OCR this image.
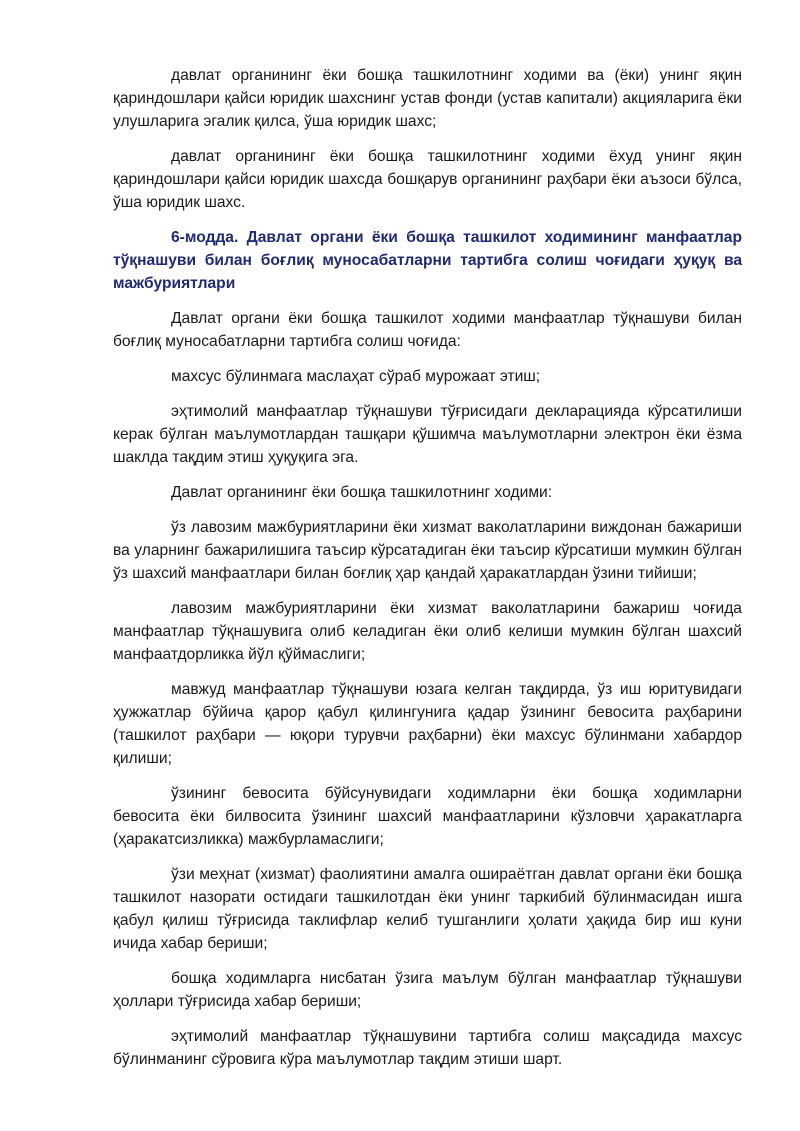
давлат органининг ёки бошқа ташкилотнинг ходими ва (ёки) унинг яқин қариндошлари қайси юридик шахснинг устав фонди (устав капитали) акцияларига ёки улушларига эгалик қилса, ўша юридик шахс;

давлат органининг ёки бошқа ташкилотнинг ходими ёхуд унинг яқин қариндошлари қайси юридик шахсда бошқарув органининг раҳбари ёки аъзоси бўлса, ўша юридик шахс.

6-модда. Давлат органи ёки бошқа ташкилот ходимининг манфаатлар тўқнашуви билан боғлиқ муносабатларни тартибга солиш чоғидаги ҳуқуқ ва мажбуриятлари

Давлат органи ёки бошқа ташкилот ходими манфаатлар тўқнашуви билан боғлиқ муносабатларни тартибга солиш чоғида:

махсус бўлинмага маслаҳат сўраб мурожаат этиш;

эҳтимолий манфаатлар тўқнашуви тўғрисидаги декларацияда кўрсатилиши керак бўлган маълумотлардан ташқари қўшимча маълумотларни электрон ёки ёзма шаклда тақдим этиш ҳуқуқига эга.

Давлат органининг ёки бошқа ташкилотнинг ходими:

ўз лавозим мажбуриятларини ёки хизмат ваколатларини виждонан бажариши ва уларнинг бажарилишига таъсир кўрсатадиган ёки таъсир кўрсатиши мумкин бўлган ўз шахсий манфаатлари билан боғлиқ ҳар қандай ҳаракатлардан ўзини тийиши;

лавозим мажбуриятларини ёки хизмат ваколатларини бажариш чоғида манфаатлар тўқнашувига олиб келадиган ёки олиб келиши мумкин бўлган шахсий манфаатдорликка йўл қўймаслиги;

мавжуд манфаатлар тўқнашуви юзага келган тақдирда, ўз иш юритувидаги ҳужжатлар бўйича қарор қабул қилингунига қадар ўзининг бевосита раҳбарини (ташкилот раҳбари — юқори турувчи раҳбарни) ёки махсус бўлинмани хабардор қилиши;

ўзининг бевосита бўйсунувидаги ходимларни ёки бошқа ходимларни бевосита ёки билвосита ўзининг шахсий манфаатларини кўзловчи ҳаракатларга (ҳаракатсизликка) мажбурламаслиги;

ўзи меҳнат (хизмат) фаолиятини амалга ошираётган давлат органи ёки бошқа ташкилот назорати остидаги ташкилотдан ёки унинг таркибий бўлинмасидан ишга қабул қилиш тўғрисида таклифлар келиб тушганлиги ҳолати ҳақида бир иш куни ичида хабар бериши;

бошқа ходимларга нисбатан ўзига маълум бўлган манфаатлар тўқнашуви ҳоллари тўғрисида хабар бериши;

эҳтимолий манфаатлар тўқнашувини тартибга солиш мақсадида махсус бўлинманинг сўровига кўра маълумотлар тақдим этиши шарт.
